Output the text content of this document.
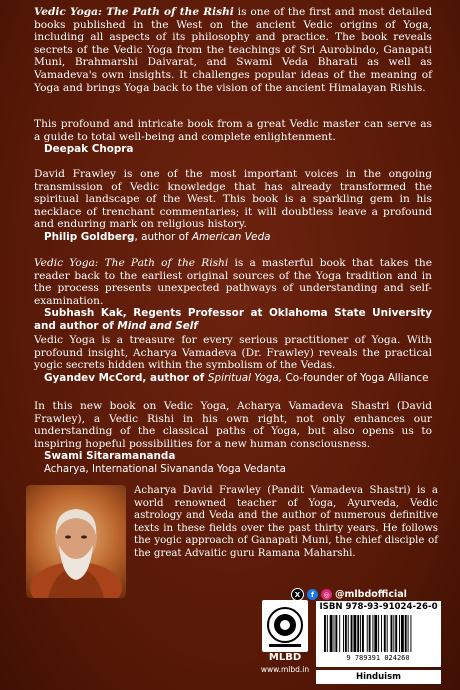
Vedic Yoga: The Path of the Rishi is one of the first and most detailed books published in the West on the ancient Vedic origins of Yoga, including all aspects of its philosophy and practice. The book reveals secrets of the Vedic Yoga from the teachings of Sri Aurobindo, Ganapati Muni, Brahmarshi Daivarat, and Swami Veda Bharati as well as Vamadeva's own insights. It challenges popular ideas of the meaning of Yoga and brings Yoga back to the vision of the ancient Himalayan Rishis.

This profound and intricate book from a great Vedic master can serve as a guide to total well-being and complete enlightenment.
Deepak Chopra

David Frawley is one of the most important voices in the ongoing transmission of Vedic knowledge that has already transformed the spiritual landscape of the West. This book is a sparkling gem in his necklace of trenchant commentaries; it will doubtless leave a profound and enduring mark on religious history.
Philip Goldberg, author of American Veda

Vedic Yoga: The Path of the Rishi is a masterful book that takes the reader back to the earliest original sources of the Yoga tradition and in the process presents unexpected pathways of understanding and self-examination.
Subhash Kak, Regents Professor at Oklahoma State University and author of Mind and Self

Vedic Yoga is a treasure for every serious practitioner of Yoga. With profound insight, Acharya Vamadeva (Dr. Frawley) reveals the practical yogic secrets hidden within the symbolism of the Vedas.
Gyandev McCord, author of Spiritual Yoga, Co-founder of Yoga Alliance

In this new book on Vedic Yoga, Acharya Vamadeva Shastri (David Frawley), a Vedic Rishi in his own right, not only enhances our understanding of the classical paths of Yoga, but also opens us to inspiring hopeful possibilities for a new human consciousness.
Swami Sitaramananda
Acharya, International Sivananda Yoga Vedanta

Acharya David Frawley (Pandit Vamadeva Shastri) is a world renowned teacher of Yoga, Ayurveda, Vedic astrology and Veda and the author of numerous definitive texts in these fields over the past thirty years. He follows the yogic approach of Ganapati Muni, the chief disciple of the great Advaitic guru Ramana Maharshi.

X	f	◎ @mlbdofficial
MLBD
www.mlbd.in
ISBN 978-93-91024-26-0
9 789391 024260
Hinduism
